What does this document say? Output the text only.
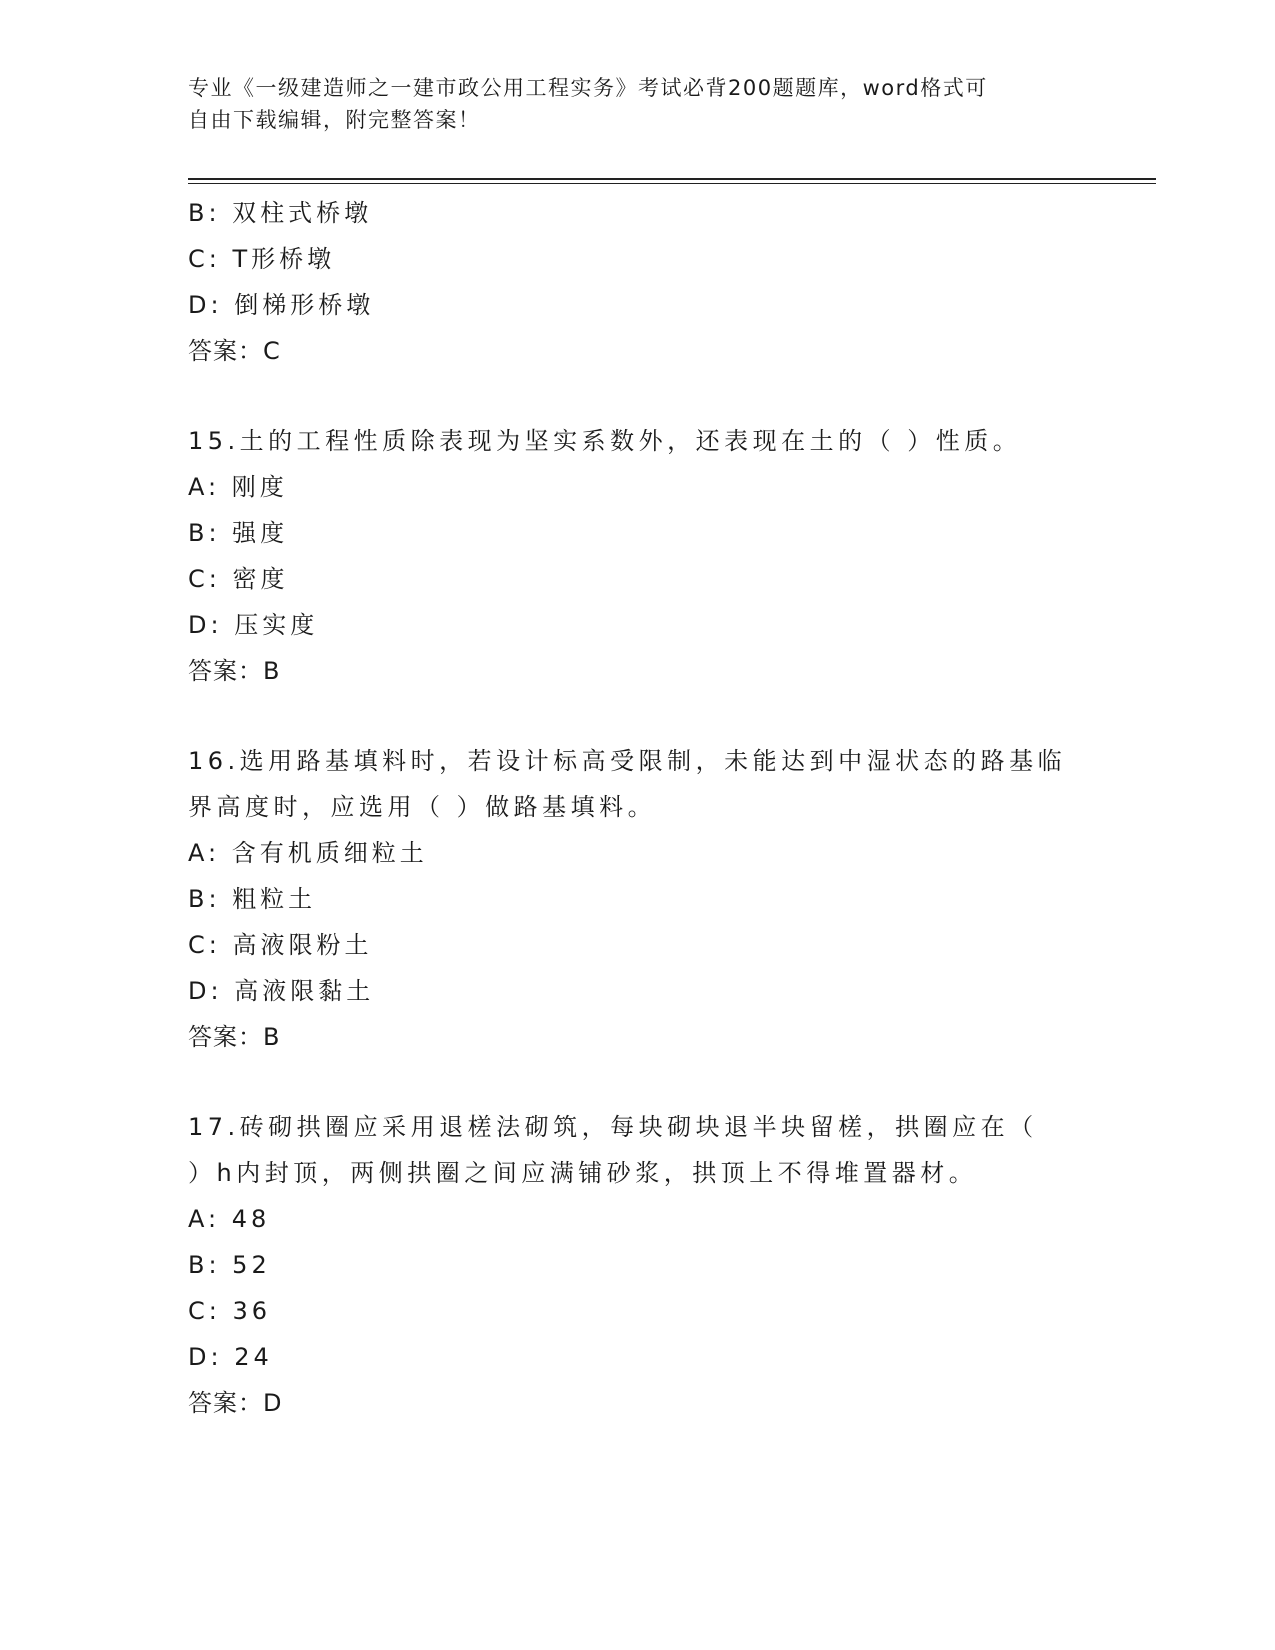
专业《一级建造师之一建市政公用工程实务》考试必背200题题库，word格式可
自由下载编辑，附完整答案！
B: 双柱式桥墩
C: T形桥墩
D: 倒梯形桥墩
答案：C
15.土的工程性质除表现为坚实系数外，还表现在土的（ ）性质。
A: 刚度
B: 强度
C: 密度
D: 压实度
答案：B
16.选用路基填料时，若设计标高受限制，未能达到中湿状态的路基临
界高度时，应选用（ ）做路基填料。
A: 含有机质细粒土
B: 粗粒土
C: 高液限粉土
D: 高液限黏土
答案：B
17.砖砌拱圈应采用退槎法砌筑，每块砌块退半块留槎，拱圈应在（
）h内封顶，两侧拱圈之间应满铺砂浆，拱顶上不得堆置器材。
A: 48
B: 52
C: 36
D: 24
答案：D
